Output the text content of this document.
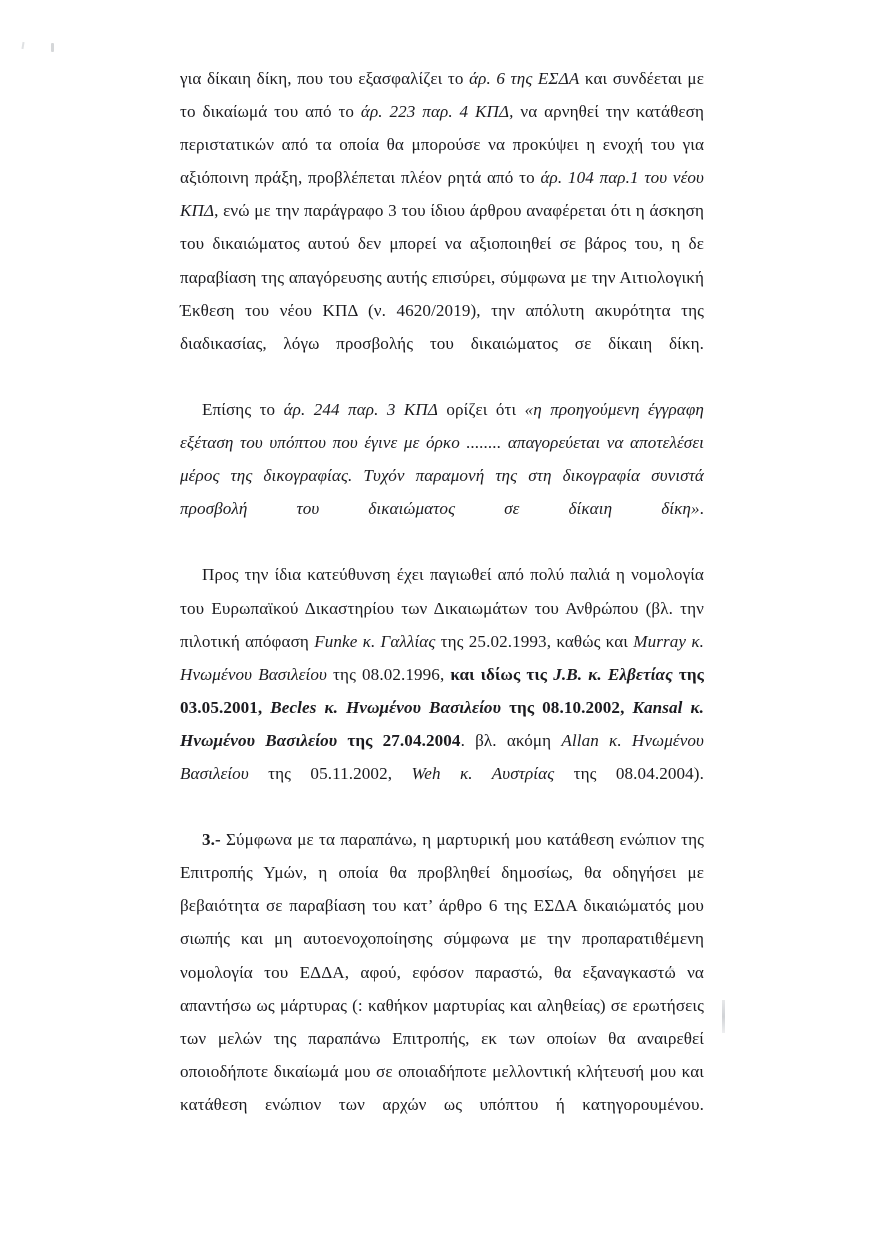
για δίκαιη δίκη, που του εξασφαλίζει το άρ. 6 της ΕΣΔΑ και συνδέεται με το δικαίωμά του από το άρ. 223 παρ. 4 ΚΠΔ, να αρνηθεί την κατάθεση περιστατικών από τα οποία θα μπορούσε να προκύψει η ενοχή του για αξιόποινη πράξη, προβλέπεται πλέον ρητά από το άρ. 104 παρ.1 του νέου ΚΠΔ, ενώ με την παράγραφο 3 του ίδιου άρθρου αναφέρεται ότι η άσκηση του δικαιώματος αυτού δεν μπορεί να αξιοποιηθεί σε βάρος του, η δε παραβίαση της απαγόρευσης αυτής επισύρει, σύμφωνα με την Αιτιολογική Έκθεση του νέου ΚΠΔ (ν. 4620/2019), την απόλυτη ακυρότητα της διαδικασίας, λόγω προσβολής του δικαιώματος σε δίκαιη δίκη.

Επίσης το άρ. 244 παρ. 3 ΚΠΔ ορίζει ότι «η προηγούμενη έγγραφη εξέταση του υπόπτου που έγινε με όρκο ........ απαγορεύεται να αποτελέσει μέρος της δικογραφίας. Τυχόν παραμονή της στη δικογραφία συνιστά προσβολή του δικαιώματος σε δίκαιη δίκη».

Προς την ίδια κατεύθυνση έχει παγιωθεί από πολύ παλιά η νομολογία του Ευρωπαϊκού Δικαστηρίου των Δικαιωμάτων του Ανθρώπου (βλ. την πιλοτική απόφαση Funke κ. Γαλλίας της 25.02.1993, καθώς και Murray κ. Ηνωμένου Βασιλείου της 08.02.1996, και ιδίως τις J.B. κ. Ελβετίας της 03.05.2001, Becles κ. Ηνωμένου Βασιλείου της 08.10.2002, Kansal κ. Ηνωμένου Βασιλείου της 27.04.2004. βλ. ακόμη Allan κ. Ηνωμένου Βασιλείου της 05.11.2002, Weh κ. Αυστρίας της 08.04.2004).

3.- Σύμφωνα με τα παραπάνω, η μαρτυρική μου κατάθεση ενώπιον της Επιτροπής Υμών, η οποία θα προβληθεί δημοσίως, θα οδηγήσει με βεβαιότητα σε παραβίαση του κατ’ άρθρο 6 της ΕΣΔΑ δικαιώματός μου σιωπής και μη αυτοενοχοποίησης σύμφωνα με την προπαρατιθέμενη νομολογία του ΕΔΔΑ, αφού, εφόσον παραστώ, θα εξαναγκαστώ να απαντήσω ως μάρτυρας (: καθήκον μαρτυρίας και αληθείας) σε ερωτήσεις των μελών της παραπάνω Επιτροπής, εκ των οποίων θα αναιρεθεί οποιοδήποτε δικαίωμά μου σε οποιαδήποτε μελλοντική κλήτευσή μου και κατάθεση ενώπιον των αρχών ως υπόπτου ή κατηγορουμένου.
